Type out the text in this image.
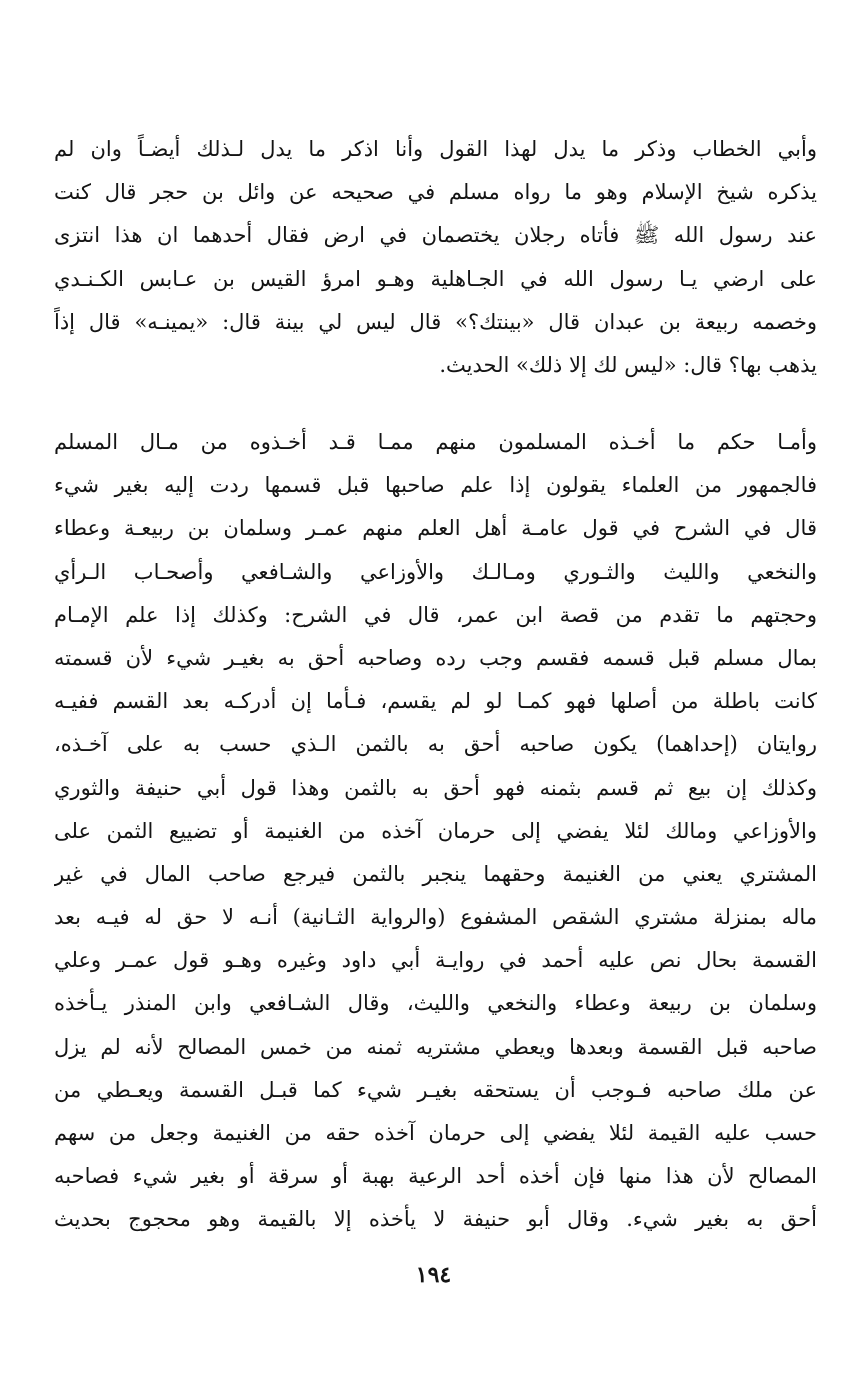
وأبي الخطاب وذكر ما يدل لهذا القول وأنا اذكر ما يدل لـذلك أيضـاً وان لم
يذكره شيخ الإسلام وهو ما رواه مسلم في صحيحه عن وائل بن حجر قال كنت
عند رسول الله ﷺ فأتاه رجلان يختصمان في ارض فقال أحدهما ان هذا انتزى
على ارضي يـا رسول الله في الجـاهلية وهـو امرؤ القيس بن عـابس الكـنـدي
وخصمه ربيعة بن عبدان قال «بينتك؟» قال ليس لي بينة قال: «يمينـه» قال إذاً
يذهب بها؟ قال: «ليس لك إلا ذلك» الحديث.
وأمـا حكم ما أخـذه المسلمون منهم ممـا قـد أخـذوه من مـال المسلم
فالجمهور من العلماء يقولون إذا علم صاحبها قبل قسمها ردت إليه بغير شيء
قال في الشرح في قول عامـة أهل العلم منهم عمـر وسلمان بن ربيعـة وعطاء
والنخعي والليث والثـوري ومـالـك والأوزاعي والشـافعي وأصحـاب الـرأي
وحجتهم ما تقدم من قصة ابن عمر، قال في الشرح: وكذلك إذا علم الإمـام
بمال مسلم قبل قسمه فقسم وجب رده وصاحبه أحق به بغيـر شيء لأن قسمته
كانت باطلة من أصلها فهو كمـا لو لم يقسم، فـأما إن أدركـه بعد القسم ففيـه
روايتان (إحداهما) يكون صاحبه أحق به بالثمن الـذي حسب به على آخـذه،
وكذلك إن بيع ثم قسم بثمنه فهو أحق به بالثمن وهذا قول أبي حنيفة والثوري
والأوزاعي ومالك لئلا يفضي إلى حرمان آخذه من الغنيمة أو تضييع الثمن على
المشتري يعني من الغنيمة وحقهما ينجبر بالثمن فيرجع صاحب المال في غير
ماله بمنزلة مشتري الشقص المشفوع (والرواية الثـانية) أنـه لا حق له فيـه بعد
القسمة بحال نص عليه أحمد في روايـة أبي داود وغيره وهـو قول عمـر وعلي
وسلمان بن ربيعة وعطاء والنخعي والليث، وقال الشـافعي وابن المنذر يـأخذه
صاحبه قبل القسمة وبعدها ويعطي مشتريه ثمنه من خمس المصالح لأنه لم يزل
عن ملك صاحبه فـوجب أن يستحقه بغيـر شيء كما قبـل القسمة ويعـطي من
حسب عليه القيمة لئلا يفضي إلى حرمان آخذه حقه من الغنيمة وجعل من سهم
المصالح لأن هذا منها فإن أخذه أحد الرعية بهبة أو سرقة أو بغير شيء فصاحبه
أحق به بغير شيء. وقال أبو حنيفة لا يأخذه إلا بالقيمة وهو محجوج بحديث
١٩٤
